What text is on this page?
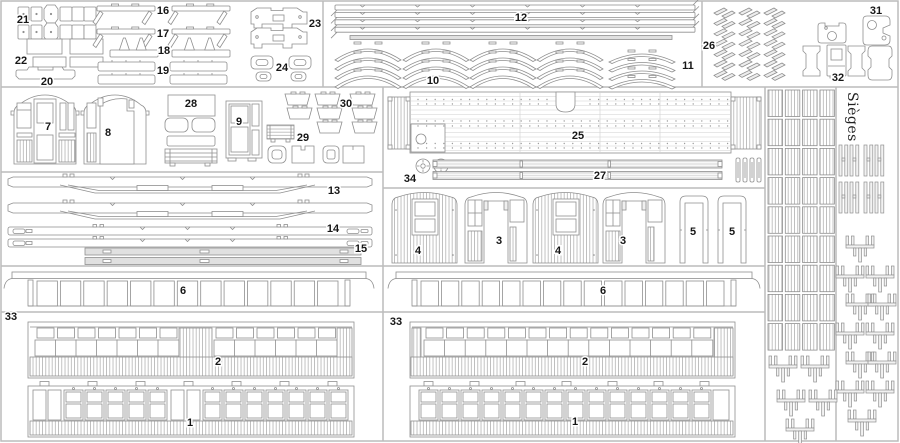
21
16
17
18
19
22
20
23
24
12
10
11
26
31
32
7	8
28
9
29
30
13
14
15
25
34	27
4
3
4
3
5	5
6	6
33
2
1
33
2
1
Sièges
